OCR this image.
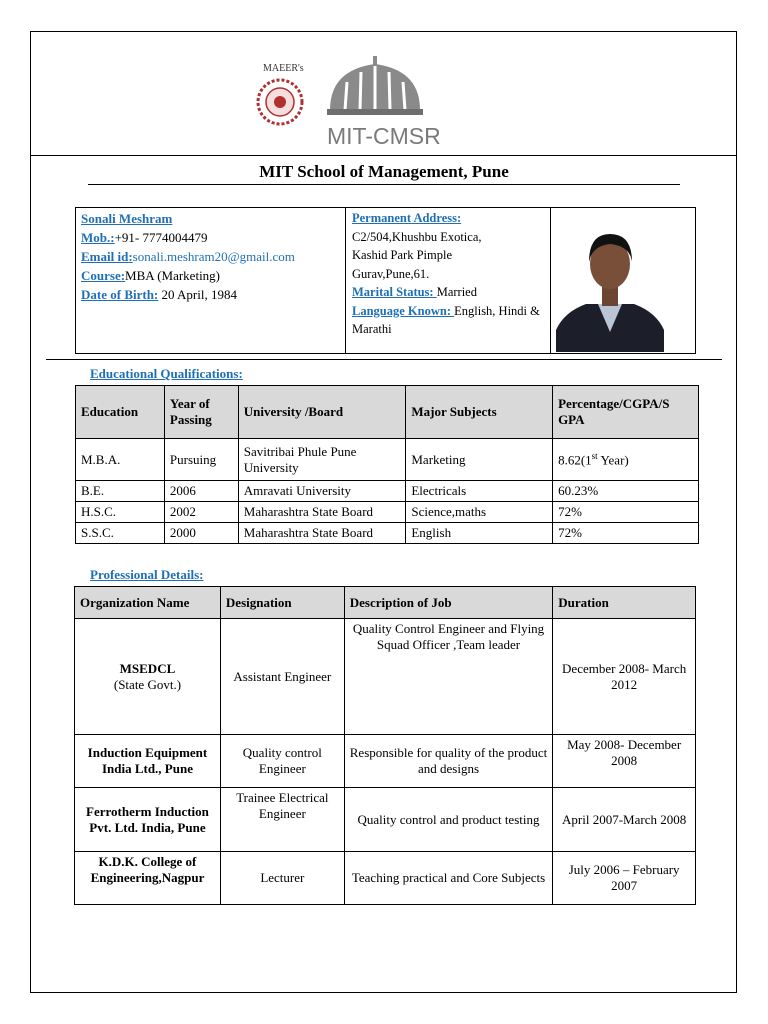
MAEER's
MIT-CMSR
MIT School of Management, Pune
Sonali Meshram
Mob.:+91- 7774004479
Email id:sonali.meshram20@gmail.com
Course:MBA (Marketing)
Date of Birth: 20 April, 1984
Permanent Address:
C2/504,Khushbu Exotica,
Kashid Park Pimple
Gurav,Pune,61.
Marital Status: Married
Language Known: English, Hindi & Marathi
Educational Qualifications:
Education	Year of Passing	University /Board	Major Subjects	Percentage/CGPA/S GPA
M.B.A.	Pursuing	Savitribai Phule Pune University	Marketing	8.62(1st Year)
B.E.	2006	Amravati University	Electricals	60.23%
H.S.C.	2002	Maharashtra State Board	Science,maths	72%
S.S.C.	2000	Maharashtra State Board	English	72%
Professional Details:
Organization Name	Designation	Description of Job	Duration

MSEDCL
(State Govt.)	Assistant Engineer	Quality Control Engineer and Flying Squad Officer ,Team leader	December 2008- March 2012
Induction Equipment India Ltd., Pune	Quality control Engineer	Responsible for quality of the product and designs	May 2008- December 2008
Ferrotherm Induction Pvt. Ltd. India, Pune	Trainee Electrical Engineer	Quality control and product testing	April 2007-March 2008
K.D.K. College of Engineering,Nagpur	Lecturer	Teaching practical and Core Subjects	July 2006 – February 2007
